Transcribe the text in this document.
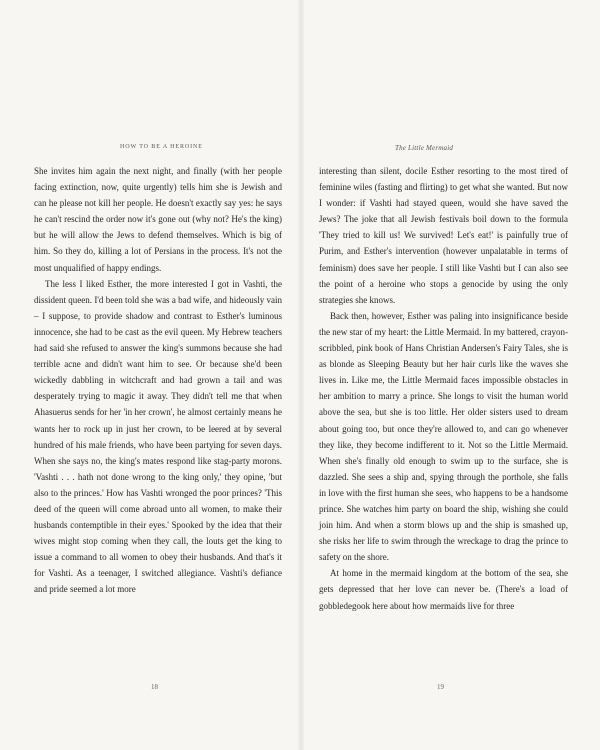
HOW TO BE A HEROINE	The Little Mermaid

She invites him again the next night, and finally (with her people facing extinction, now, quite urgently) tells him she is Jewish and can he please not kill her people. He doesn't exactly say yes: he says he can't rescind the order now it's gone out (why not? He's the king) but he will allow the Jews to defend themselves. Which is big of him. So they do, killing a lot of Persians in the process. It's not the most unqualified of happy endings.

The less I liked Esther, the more interested I got in Vashti, the dissident queen. I'd been told she was a bad wife, and hideously vain – I suppose, to provide shadow and contrast to Esther's luminous innocence, she had to be cast as the evil queen. My Hebrew teachers had said she refused to answer the king's summons because she had terrible acne and didn't want him to see. Or because she'd been wickedly dabbling in witchcraft and had grown a tail and was desperately trying to magic it away. They didn't tell me that when Ahasuerus sends for her 'in her crown', he almost certainly means he wants her to rock up in just her crown, to be leered at by several hundred of his male friends, who have been partying for seven days. When she says no, the king's mates respond like stag-party morons. 'Vashti . . . hath not done wrong to the king only,' they opine, 'but also to the princes.' How has Vashti wronged the poor princes? 'This deed of the queen will come abroad unto all women, to make their husbands contemptible in their eyes.' Spooked by the idea that their wives might stop coming when they call, the louts get the king to issue a command to all women to obey their husbands. And that's it for Vashti. As a teenager, I switched allegiance. Vashti's defiance and pride seemed a lot more

interesting than silent, docile Esther resorting to the most tired of feminine wiles (fasting and flirting) to get what she wanted. But now I wonder: if Vashti had stayed queen, would she have saved the Jews? The joke that all Jewish festivals boil down to the formula 'They tried to kill us! We survived! Let's eat!' is painfully true of Purim, and Esther's intervention (however unpalatable in terms of feminism) does save her people. I still like Vashti but I can also see the point of a heroine who stops a genocide by using the only strategies she knows.

Back then, however, Esther was paling into insignificance beside the new star of my heart: the Little Mermaid. In my battered, crayon-scribbled, pink book of Hans Christian Andersen's Fairy Tales, she is as blonde as Sleeping Beauty but her hair curls like the waves she lives in. Like me, the Little Mermaid faces impossible obstacles in her ambition to marry a prince. She longs to visit the human world above the sea, but she is too little. Her older sisters used to dream about going too, but once they're allowed to, and can go whenever they like, they become indifferent to it. Not so the Little Mermaid. When she's finally old enough to swim up to the surface, she is dazzled. She sees a ship and, spying through the porthole, she falls in love with the first human she sees, who happens to be a handsome prince. She watches him party on board the ship, wishing she could join him. And when a storm blows up and the ship is smashed up, she risks her life to swim through the wreckage to drag the prince to safety on the shore.

At home in the mermaid kingdom at the bottom of the sea, she gets depressed that her love can never be. (There's a load of gobbledegook here about how mermaids live for three

18	19
